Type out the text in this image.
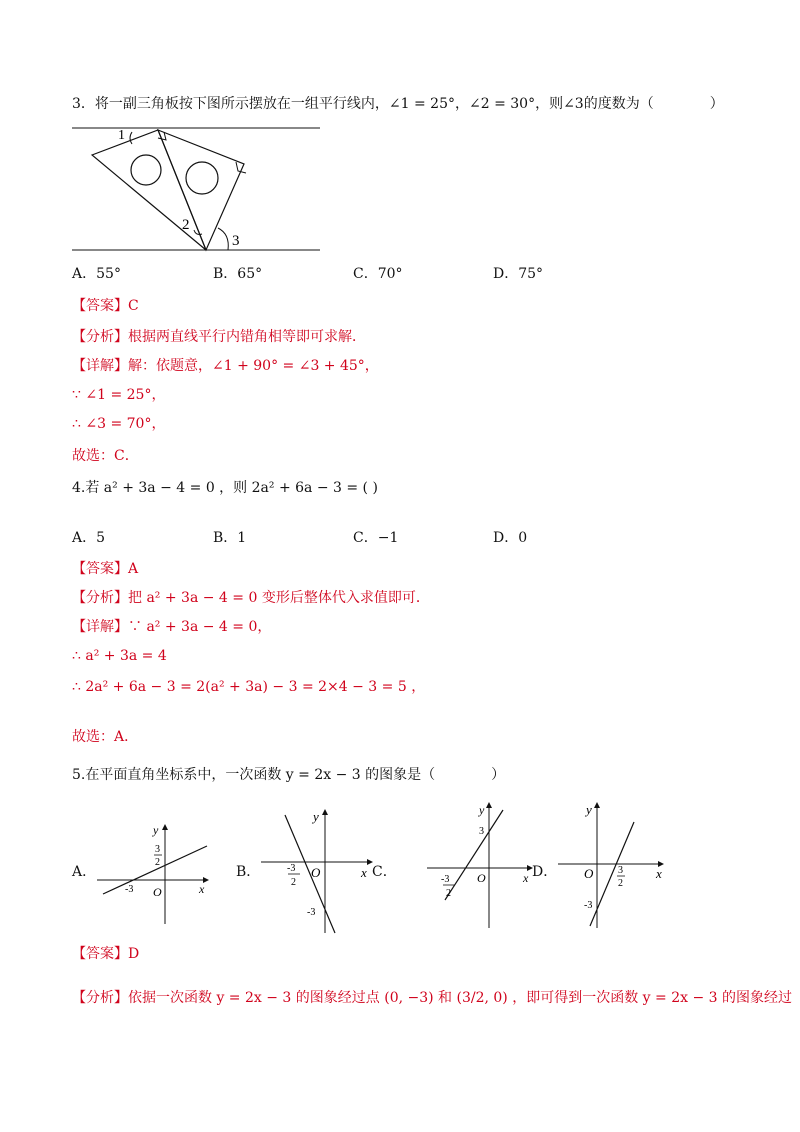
3．将一副三角板按下图所示摆放在一组平行线内，∠1 = 25°，∠2 = 30°，则∠3的度数为（　　　　）
1
2
3
A．55°	B．65°	C．70°	D．75°
【答案】C
【分析】根据两直线平行内错角相等即可求解．
【详解】解：依题意，∠1 + 90° = ∠3 + 45°，
∵ ∠1 = 25°，
∴ ∠3 = 70°，
故选：C．
4.若 a² + 3a − 4 = 0 ，则 2a² + 6a − 3 = ( )
A．5	B．1	C．−1	D．0
【答案】A
【分析】把 a² + 3a − 4 = 0 变形后整体代入求值即可．
【详解】∵ a² + 3a − 4 = 0，
∴ a² + 3a = 4
∴ 2a² + 6a − 3 = 2(a² + 3a) − 3 = 2×4 − 3 = 5 ，
故选：A．
5.在平面直角坐标系中，一次函数 y = 2x − 3 的图象是（　　　　）
A．
x
y
O
3
2
-3
B．	x
y
O
-3
2
-3
C．	x
y
O
-3
2
3
D．	x
y
O 3
2
-3
【答案】D
【分析】依据一次函数 y = 2x − 3 的图象经过点 (0, −3) 和 (3/2, 0) ，即可得到一次函数 y = 2x − 3 的图象经过
